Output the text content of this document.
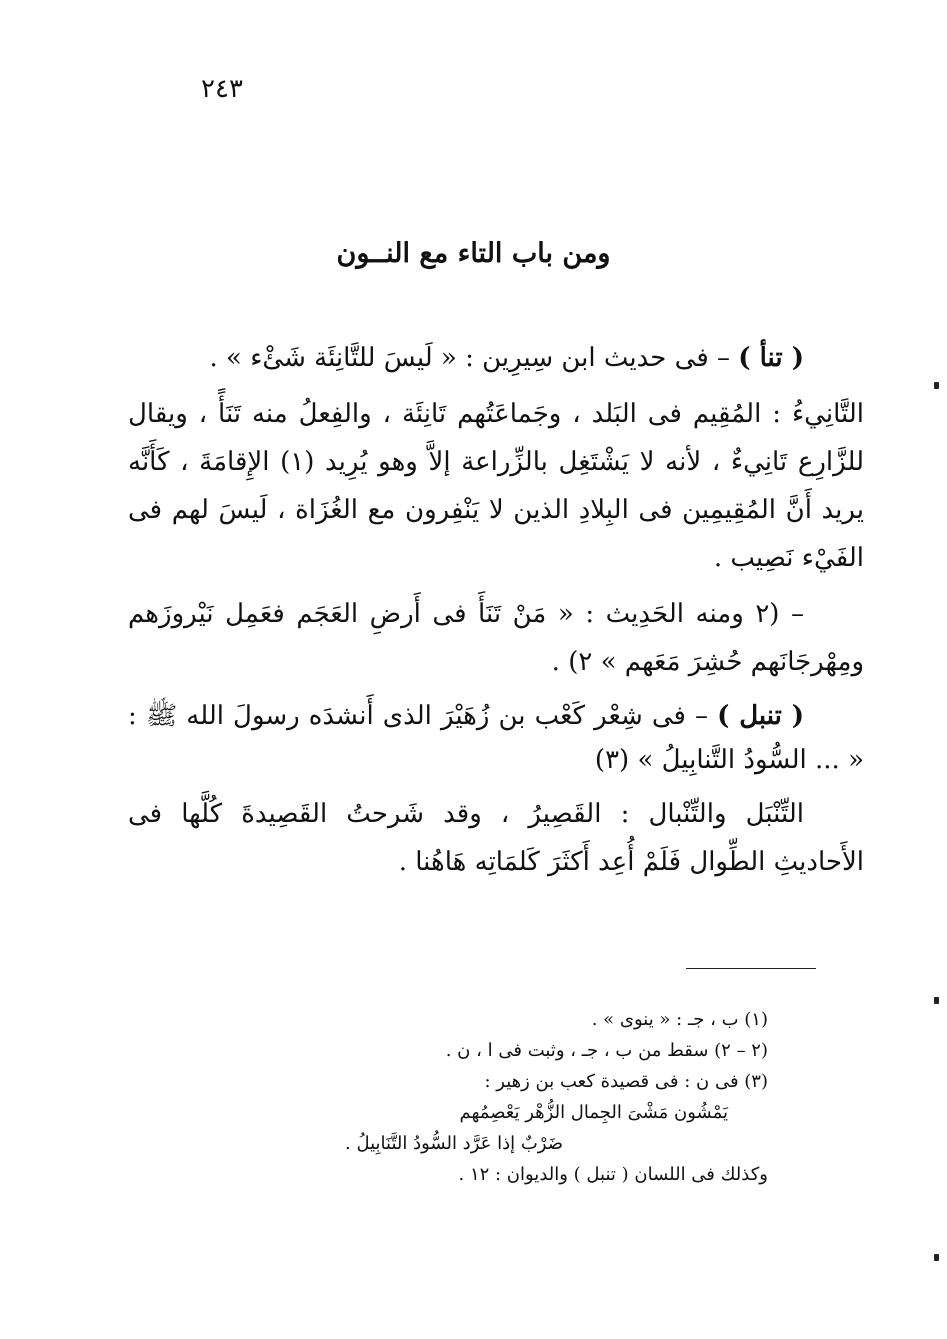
٢٤٣
ومن باب التاء مع النــون

( تنأ ) – فى حديث ابن سِيرِين : « لَيسَ للتَّانِئَة شَئْء » .

التَّانِيءُ : المُقِيم فى البَلد ، وجَماعَتُهم تَانِئَة ، والفِعلُ منه تَنَأً ، ويقال للزَّارِع تَانِيءٌ ، لأنه لا يَشْتَغِل بالزِّراعة إلاَّ وهو يُرِيد (١) الإِقامَةَ ، كَأَنَّه يريد أَنَّ المُقِيمِين فى البِلادِ الذين لا يَنْفِرون مع الغُزَاة ، لَيسَ لهم فى الفَيْء نَصِيب .

– (٢ ومنه الحَدِيث : « مَنْ تَنَأَ فى أَرضِ العَجَم فعَمِل نَيْروزَهم ومِهْرجَانَهم حُشِرَ مَعَهم » ٢) .

( تنبل ) – فى شِعْر كَعْب بن زُهَيْرَ الذى أَنشدَه رسولَ الله ﷺ : « ... السُّودُ التَّنابِيلُ » (٣)

التِّنْبَل والتِّنْبال : القَصِيرُ ، وقد شَرحتُ القَصِيدةَ كُلَّها فى الأَحاديثِ الطِّوال فَلَمْ أُعِد أَكثَرَ كَلمَاتِه هَاهُنا .

(١) ب ، جـ : « ينوى » .

(٢ – ٢) سقط من ب ، جـ ، وثبت فى ا ، ن .

(٣) فى ن : فى قصيدة كعب بن زهير :

يَمْشُون مَشْىَ الجِمال الزُّهْر يَعْصِمُهم

ضَرْبٌ إذا عَرَّد السُّودُ التَّنَابِيلُ .

وكذلك فى اللسان ( تنبل ) والديوان : ١٢ .
